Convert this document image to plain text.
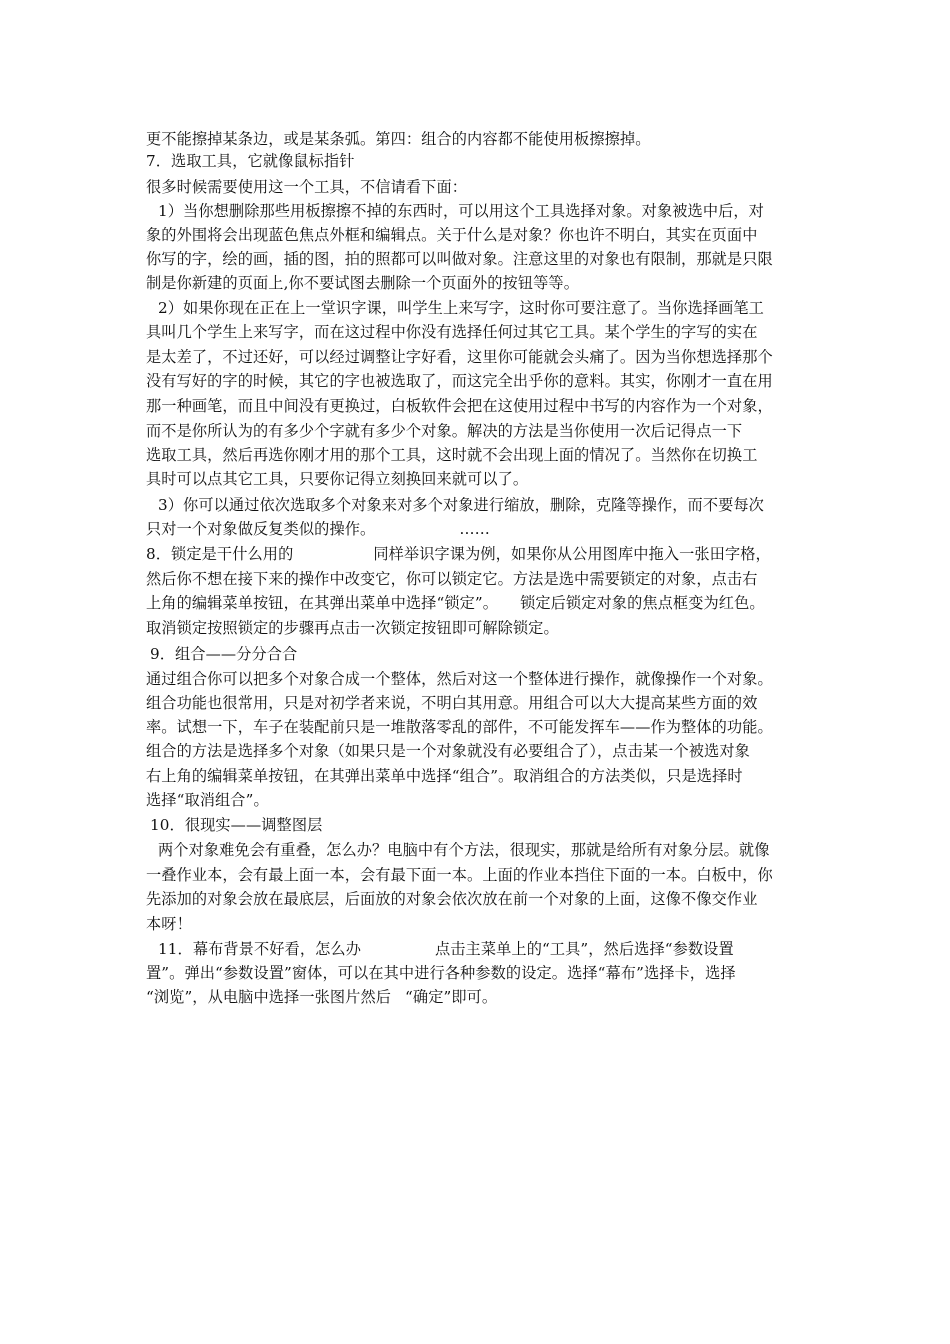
更不能擦掉某条边，或是某条弧。第四：组合的内容都不能使用板擦擦掉。
7．选取工具，它就像鼠标指针
很多时候需要使用这一个工具，不信请看下面：
1）当你想删除那些用板擦擦不掉的东西时，可以用这个工具选择对象。对象被选中后，对
象的外围将会出现蓝色焦点外框和编辑点。关于什么是对象？你也许不明白，其实在页面中
你写的字，绘的画，插的图，拍的照都可以叫做对象。注意这里的对象也有限制，那就是只限
制是你新建的页面上,你不要试图去删除一个页面外的按钮等等。
2）如果你现在正在上一堂识字课，叫学生上来写字，这时你可要注意了。当你选择画笔工
具叫几个学生上来写字，而在这过程中你没有选择任何过其它工具。某个学生的字写的实在
是太差了，不过还好，可以经过调整让字好看，这里你可能就会头痛了。因为当你想选择那个
没有写好的字的时候，其它的字也被选取了，而这完全出乎你的意料。其实，你刚才一直在用
那一种画笔，而且中间没有更换过，白板软件会把在这使用过程中书写的内容作为一个对象，
而不是你所认为的有多少个字就有多少个对象。解决的方法是当你使用一次后记得点一下
选取工具，然后再选你刚才用的那个工具，这时就不会出现上面的情况了。当然你在切换工
具时可以点其它工具，只要你记得立刻换回来就可以了。
3）你可以通过依次选取多个对象来对多个对象进行缩放，删除，克隆等操作，而不要每次
只对一个对象做反复类似的操作。	……
8．锁定是干什么用的	同样举识字课为例，如果你从公用图库中拖入一张田字格，
然后你不想在接下来的操作中改变它，你可以锁定它。方法是选中需要锁定的对象，点击右
上角的编辑菜单按钮，在其弹出菜单中选择“锁定”。 锁定后锁定对象的焦点框变为红色。
取消锁定按照锁定的步骤再点击一次锁定按钮即可解除锁定。
9．组合——分分合合
通过组合你可以把多个对象合成一个整体，然后对这一个整体进行操作，就像操作一个对象。
组合功能也很常用，只是对初学者来说，不明白其用意。用组合可以大大提高某些方面的效
率。试想一下，车子在装配前只是一堆散落零乱的部件，不可能发挥车——作为整体的功能。
组合的方法是选择多个对象（如果只是一个对象就没有必要组合了），点击某一个被选对象
右上角的编辑菜单按钮，在其弹出菜单中选择“组合”。取消组合的方法类似，只是选择时
选择“取消组合”。
10．很现实——调整图层
两个对象难免会有重叠，怎么办？电脑中有个方法，很现实，那就是给所有对象分层。就像
一叠作业本，会有最上面一本，会有最下面一本。上面的作业本挡住下面的一本。白板中，你
先添加的对象会放在最底层，后面放的对象会依次放在前一个对象的上面，这像不像交作业
本呀！
11．幕布背景不好看，怎么办	点击主菜单上的“工具”，然后选择“参数设置
置”。弹出“参数设置”窗体，可以在其中进行各种参数的设定。选择“幕布”选择卡，选择
“浏览”，从电脑中选择一张图片然后 “确定”即可。
